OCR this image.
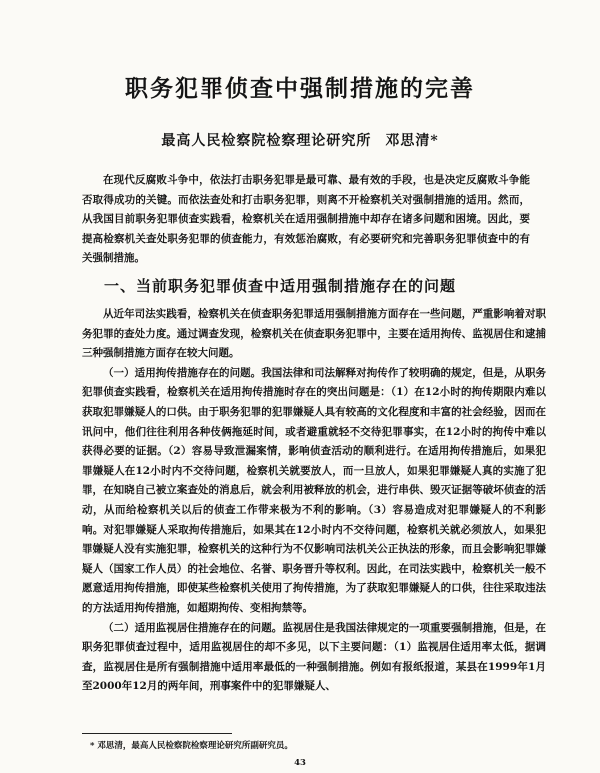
职务犯罪侦查中强制措施的完善
最高人民检察院检察理论研究所 邓思清*
在现代反腐败斗争中，依法打击职务犯罪是最可靠、最有效的手段，也是决定反腐败斗争能否取得成功的关键。而依法查处和打击职务犯罪，则离不开检察机关对强制措施的适用。然而，从我国目前职务犯罪侦查实践看，检察机关在适用强制措施中却存在诸多问题和困境。因此，要提高检察机关查处职务犯罪的侦查能力，有效惩治腐败，有必要研究和完善职务犯罪侦查中的有关强制措施。
一、当前职务犯罪侦查中适用强制措施存在的问题

从近年司法实践看，检察机关在侦查职务犯罪适用强制措施方面存在一些问题，严重影响着对职务犯罪的查处力度。通过调查发现，检察机关在侦查职务犯罪中，主要在适用拘传、监视居住和逮捕三种强制措施方面存在较大问题。

（一）适用拘传措施存在的问题。我国法律和司法解释对拘传作了较明确的规定，但是，从职务犯罪侦查实践看，检察机关在适用拘传措施时存在的突出问题是：（1）在12小时的拘传期限内难以获取犯罪嫌疑人的口供。由于职务犯罪的犯罪嫌疑人具有较高的文化程度和丰富的社会经验，因而在讯问中，他们往往利用各种伎俩拖延时间，或者避重就轻不交待犯罪事实，在12小时的拘传中难以获得必要的证据。（2）容易导致泄漏案情，影响侦查活动的顺利进行。在适用拘传措施后，如果犯罪嫌疑人在12小时内不交待问题，检察机关就要放人，而一旦放人，如果犯罪嫌疑人真的实施了犯罪，在知晓自己被立案查处的消息后，就会利用被释放的机会，进行串供、毁灭证据等破坏侦查的活动，从而给检察机关以后的侦查工作带来极为不利的影响。（3）容易造成对犯罪嫌疑人的不利影响。对犯罪嫌疑人采取拘传措施后，如果其在12小时内不交待问题，检察机关就必须放人，如果犯罪嫌疑人没有实施犯罪，检察机关的这种行为不仅影响司法机关公正执法的形象，而且会影响犯罪嫌疑人（国家工作人员）的社会地位、名誉、职务晋升等权利。因此，在司法实践中，检察机关一般不愿意适用拘传措施，即使某些检察机关使用了拘传措施，为了获取犯罪嫌疑人的口供，往往采取违法的方法适用拘传措施，如超期拘传、变相拘禁等。

（二）适用监视居住措施存在的问题。监视居住是我国法律规定的一项重要强制措施，但是，在职务犯罪侦查过程中，适用监视居住的却不多见，以下主要问题：（1）监视居住适用率太低，据调查，监视居住是所有强制措施中适用率最低的一种强制措施。例如有报纸报道，某县在1999年1月至2000年12月的两年间，刑事案件中的犯罪嫌疑人、

* 邓思清，最高人民检察院检察理论研究所副研究员。
43
